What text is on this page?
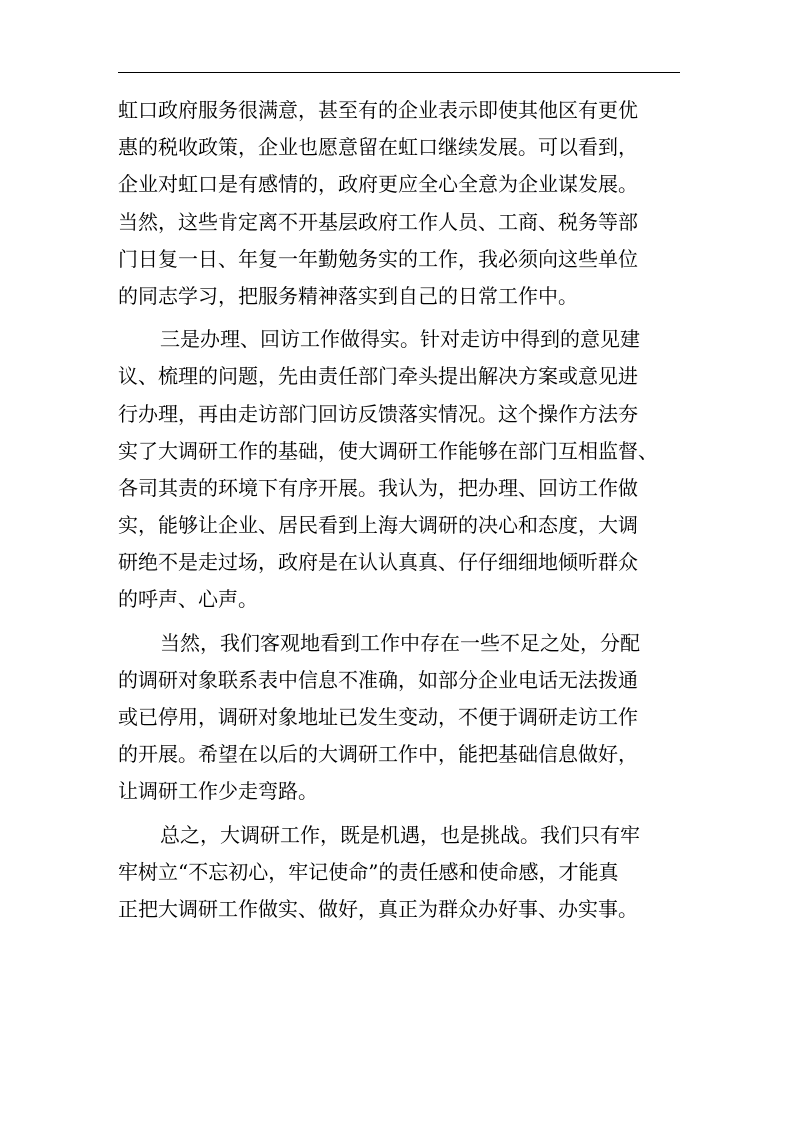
虹口政府服务很满意，甚至有的企业表示即使其他区有更优
惠的税收政策，企业也愿意留在虹口继续发展。可以看到，
企业对虹口是有感情的，政府更应全心全意为企业谋发展。
当然，这些肯定离不开基层政府工作人员、工商、税务等部
门日复一日、年复一年勤勉务实的工作，我必须向这些单位
的同志学习，把服务精神落实到自己的日常工作中。
三是办理、回访工作做得实。针对走访中得到的意见建
议、梳理的问题，先由责任部门牵头提出解决方案或意见进
行办理，再由走访部门回访反馈落实情况。这个操作方法夯
实了大调研工作的基础，使大调研工作能够在部门互相监督、
各司其责的环境下有序开展。我认为，把办理、回访工作做
实，能够让企业、居民看到上海大调研的决心和态度，大调
研绝不是走过场，政府是在认认真真、仔仔细细地倾听群众
的呼声、心声。
当然，我们客观地看到工作中存在一些不足之处，分配
的调研对象联系表中信息不准确，如部分企业电话无法拨通
或已停用，调研对象地址已发生变动，不便于调研走访工作
的开展。希望在以后的大调研工作中，能把基础信息做好，
让调研工作少走弯路。
总之，大调研工作，既是机遇，也是挑战。我们只有牢
牢树立“不忘初心，牢记使命”的责任感和使命感，才能真
正把大调研工作做实、做好，真正为群众办好事、办实事。
